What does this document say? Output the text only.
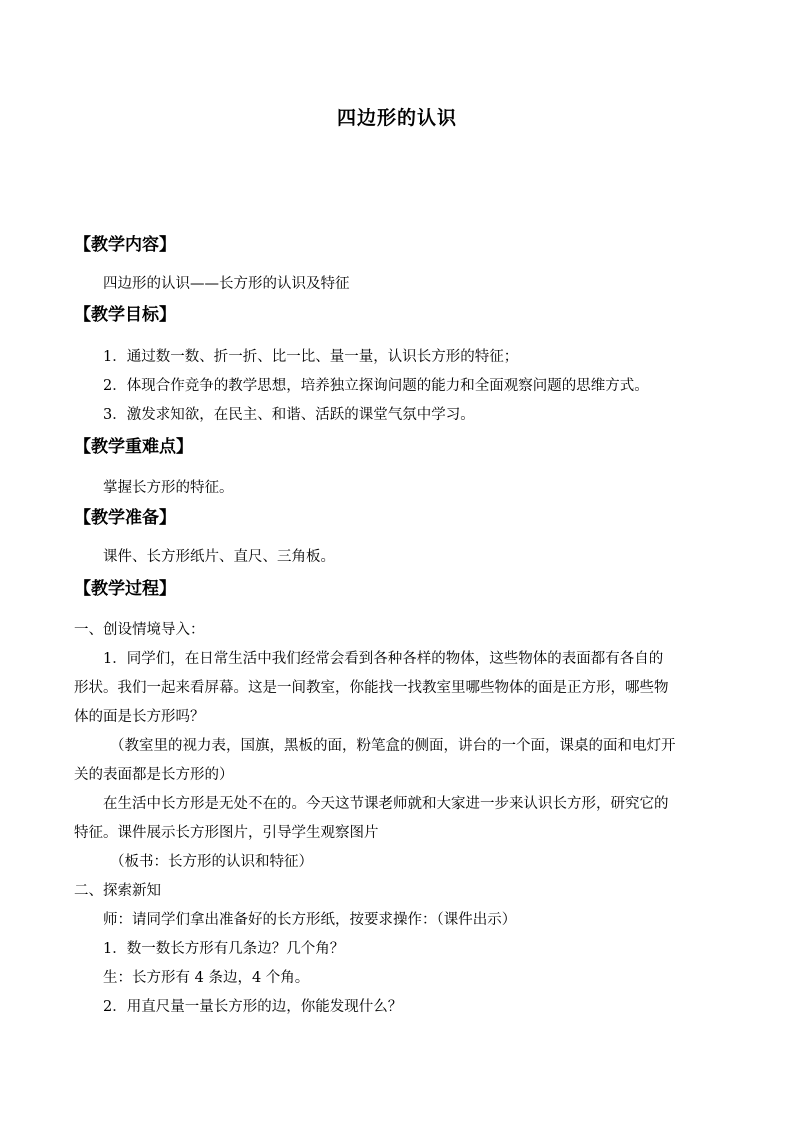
四边形的认识
【教学内容】
四边形的认识——长方形的认识及特征
【教学目标】
1．通过数一数、折一折、比一比、量一量，认识长方形的特征；
2．体现合作竞争的教学思想，培养独立探询问题的能力和全面观察问题的思维方式。
3．激发求知欲，在民主、和谐、活跃的课堂气氛中学习。
【教学重难点】
掌握长方形的特征。
【教学准备】
课件、长方形纸片、直尺、三角板。
【教学过程】
一、创设情境导入：
1．同学们，在日常生活中我们经常会看到各种各样的物体，这些物体的表面都有各自的
形状。我们一起来看屏幕。这是一间教室，你能找一找教室里哪些物体的面是正方形，哪些物
体的面是长方形吗？
（教室里的视力表，国旗，黑板的面，粉笔盒的侧面，讲台的一个面，课桌的面和电灯开
关的表面都是长方形的）
在生活中长方形是无处不在的。今天这节课老师就和大家进一步来认识长方形，研究它的
特征。课件展示长方形图片，引导学生观察图片
（板书：长方形的认识和特征）
二、探索新知
师：请同学们拿出准备好的长方形纸，按要求操作：（课件出示）
1．数一数长方形有几条边？几个角？
生：长方形有 4 条边，4 个角。
2．用直尺量一量长方形的边，你能发现什么？
